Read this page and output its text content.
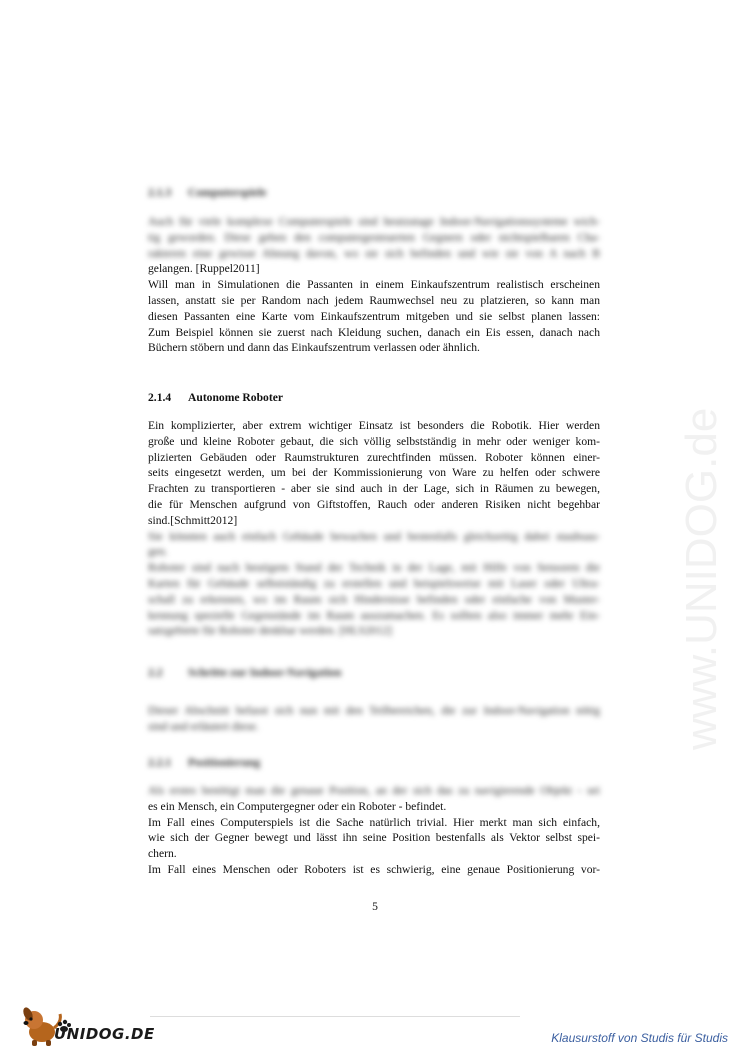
www.UNIDOG.de
2.1.3 Computerspiele
Auch für viele komplexe Computerspiele sind heutzutage Indoor-Navigationssysteme wich-
tig geworden. Diese geben den computergesteuerten Gegnern oder nichtspielbaren Cha-
rakteren eine gewisse Ahnung davon, wo sie sich befinden und wie sie von A nach B
gelangen. [Ruppel2011]
Will man in Simulationen die Passanten in einem Einkaufszentrum realistisch erscheinen
lassen, anstatt sie per Random nach jedem Raumwechsel neu zu platzieren, so kann man
diesen Passanten eine Karte vom Einkaufszentrum mitgeben und sie selbst planen lassen:
Zum Beispiel können sie zuerst nach Kleidung suchen, danach ein Eis essen, danach nach
Büchern stöbern und dann das Einkaufszentrum verlassen oder ähnlich.
2.1.4 Autonome Roboter
Ein komplizierter, aber extrem wichtiger Einsatz ist besonders die Robotik. Hier werden
große und kleine Roboter gebaut, die sich völlig selbstständig in mehr oder weniger kom-
plizierten Gebäuden oder Raumstrukturen zurechtfinden müssen. Roboter können einer-
seits eingesetzt werden, um bei der Kommissionierung von Ware zu helfen oder schwere
Frachten zu transportieren - aber sie sind auch in der Lage, sich in Räumen zu bewegen,
die für Menschen aufgrund von Giftstoffen, Rauch oder anderen Risiken nicht begehbar
sind.[Schmitt2012]
Sie könnten auch einfach Gebäude bewachen und bestenfalls gleichzeitig dabei staubsau-
gen.
Roboter sind nach heutigem Stand der Technik in der Lage, mit Hilfe von Sensoren die
Karten für Gebäude selbstständig zu erstellen und beispielsweise mit Laser oder Ultra-
schall zu erkennen, wo im Raum sich Hindernisse befinden oder einfache von Muster-
kennung spezielle Gegenstände im Raum auszumachen. Es sollten also immer mehr Ein-
satzgebiete für Roboter denkbar werden. [HLS2012]
2.2 Schritte zur Indoor-Navigation
Dieser Abschnitt befasst sich nun mit den Teilbereichen, die zur Indoor-Navigation nötig
sind und erläutert diese.
2.2.1 Positionierung
Als erstes benötigt man die genaue Position, an der sich das zu navigierende Objekt - sei
es ein Mensch, ein Computergegner oder ein Roboter - befindet.
Im Fall eines Computerspiels ist die Sache natürlich trivial. Hier merkt man sich einfach,
wie sich der Gegner bewegt und lässt ihn seine Position bestenfalls als Vektor selbst spei-
chern.
Im Fall eines Menschen oder Roboters ist es schwierig, eine genaue Positionierung vor-
5
UNIDOG.DE	Klausurstoff von Studis für Studis
